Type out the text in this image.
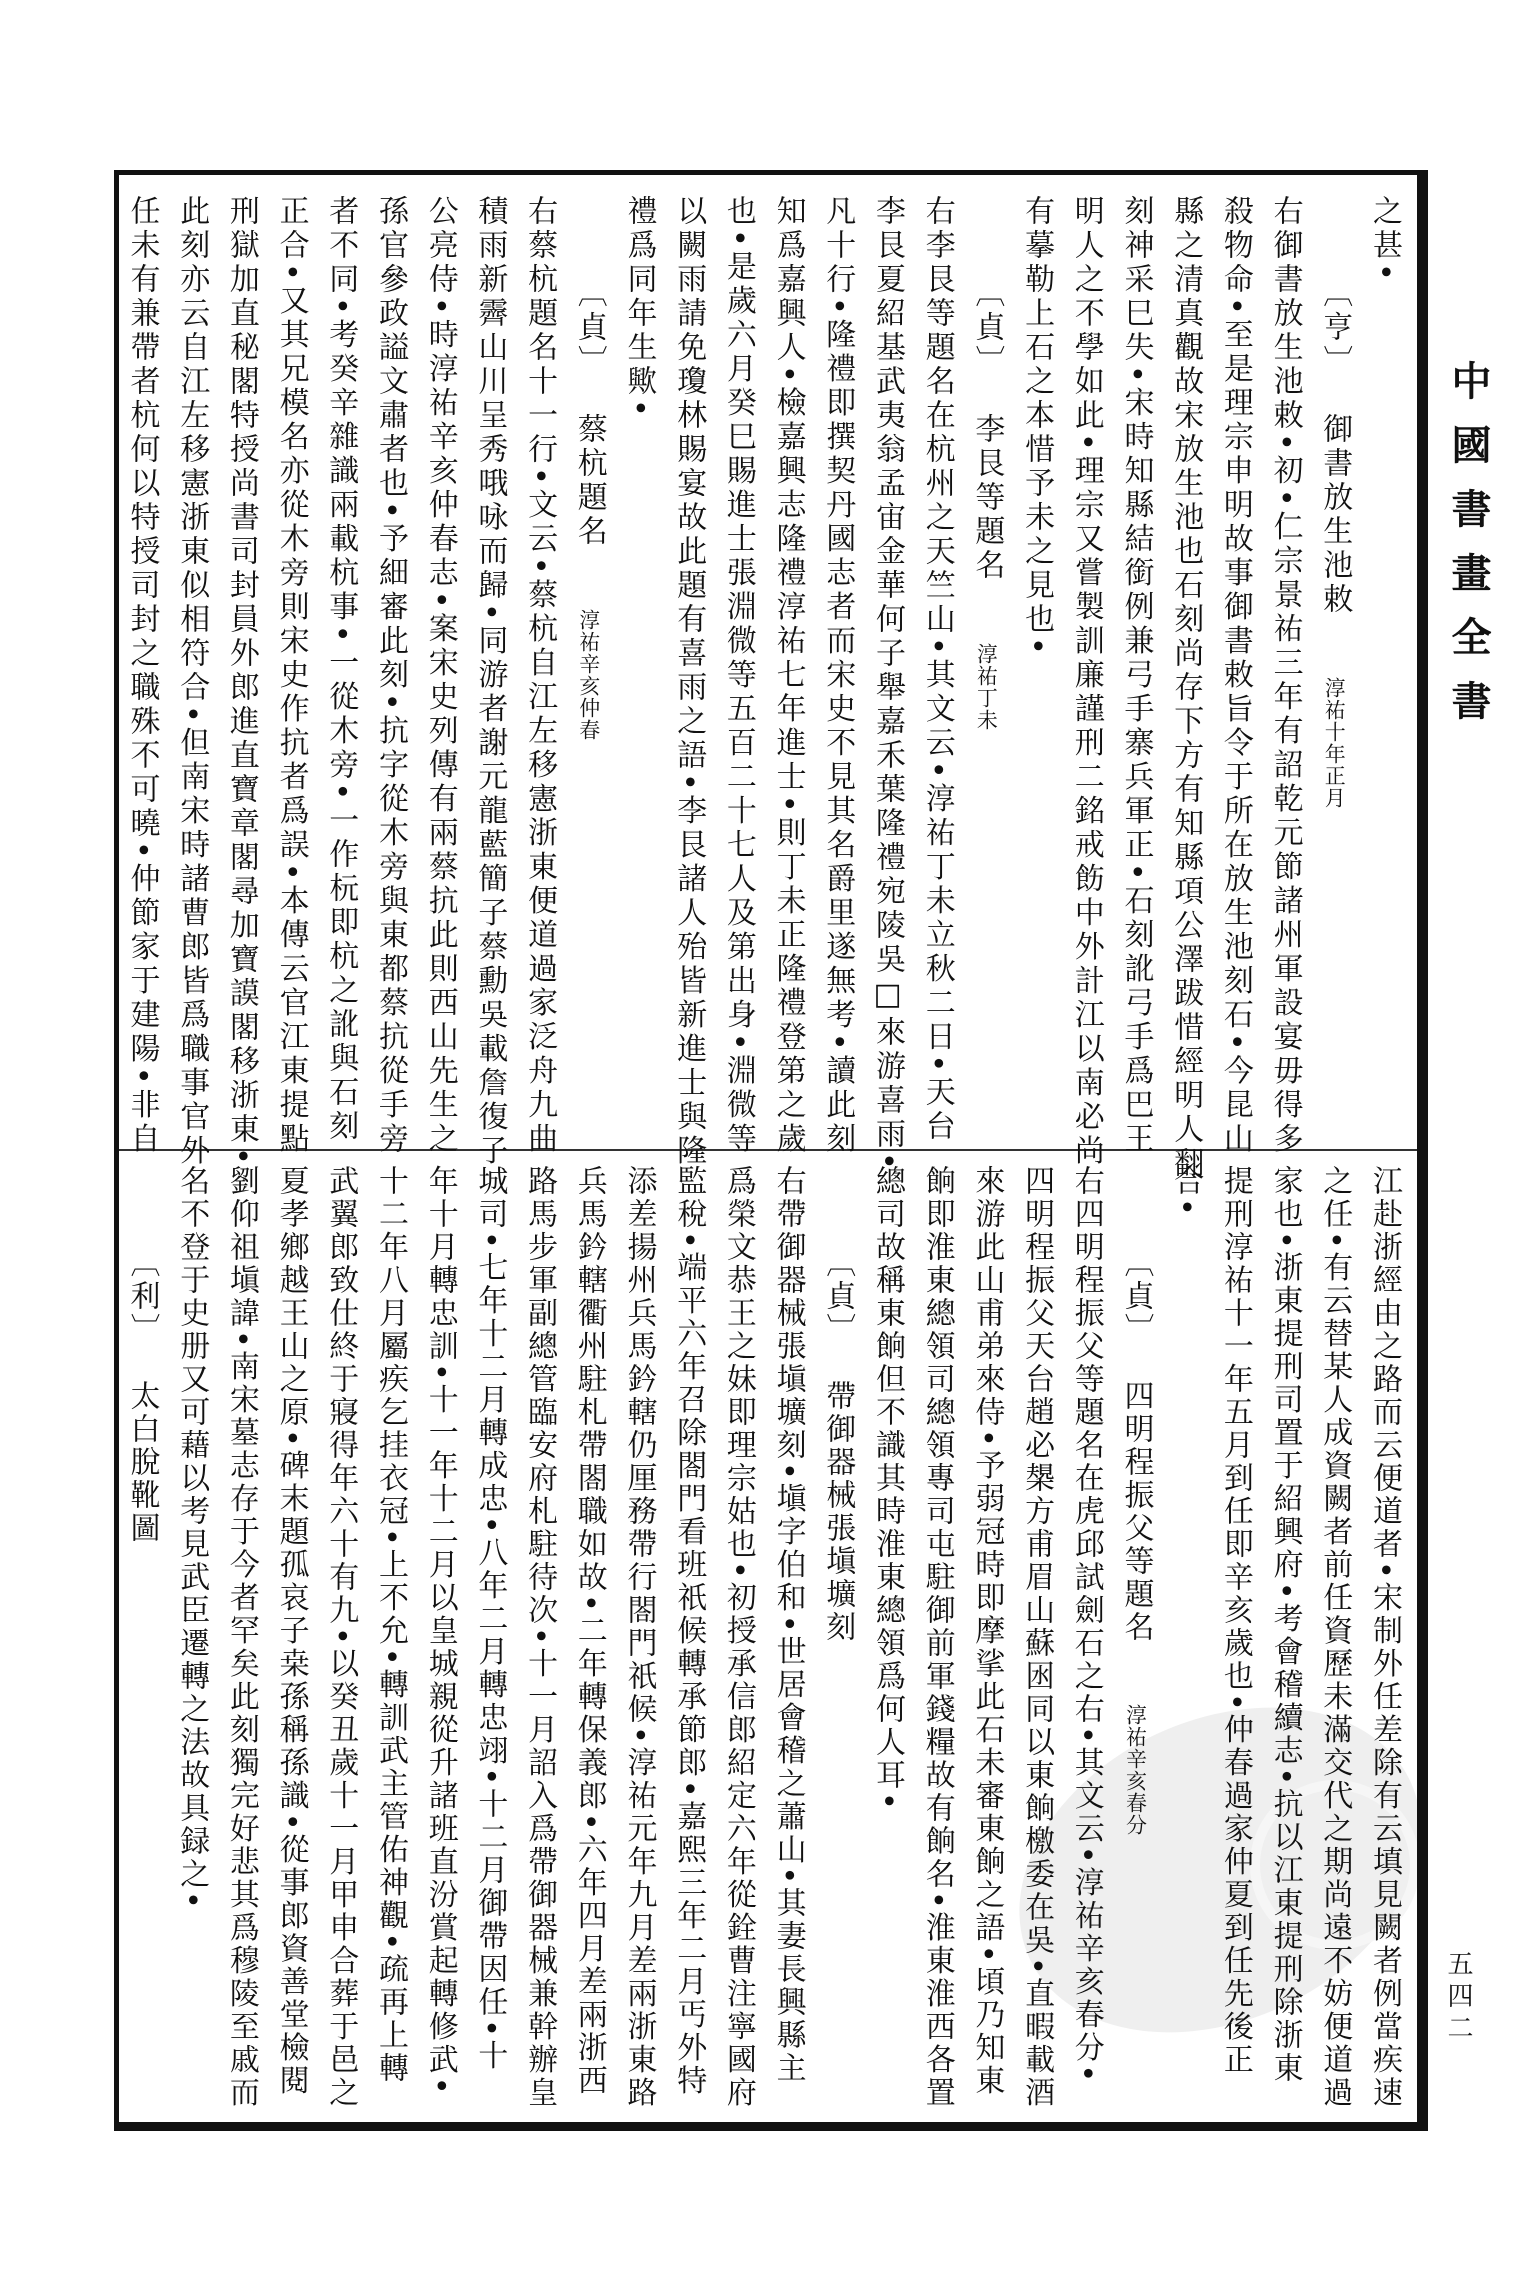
中國書畫全書
五四二
之甚•
〔亨〕御書放生池敕淳祐十年正月
右御書放生池敕•初•仁宗景祐三年有詔乾元節諸州軍設宴毋得多
殺物命•至是理宗申明故事御書敕旨令于所在放生池刻石•今昆山
縣之清真觀故宋放生池也石刻尚存下方有知縣項公澤跋惜經明人翻
刻神采巳失•宋時知縣結銜例兼弓手寨兵軍正•石刻訛弓手爲巴王
明人之不學如此•理宗又嘗製訓廉謹刑二銘戒飭中外計江以南必尚
有摹勒上石之本惜予未之見也•
〔貞〕李艮等題名淳祐丁未
右李艮等題名在杭州之天竺山•其文云•淳祐丁未立秋二日•天台
李艮夏紹基武夷翁孟宙金華何子舉嘉禾葉隆禮宛陵吳□來游喜雨•
凡十行•隆禮即撰契丹國志者而宋史不見其名爵里遂無考•讀此刻
知爲嘉興人•檢嘉興志隆禮淳祐七年進士•則丁未正隆禮登第之歲
也•是歲六月癸巳賜進士張淵微等五百二十七人及第出身•淵微等
以闕雨請免瓊林賜宴故此題有喜雨之語•李艮諸人殆皆新進士與隆
禮爲同年生歟•
〔貞〕蔡杭題名淳祐辛亥仲春
右蔡杭題名十一行•文云•蔡杭自江左移憲浙東便道過家泛舟九曲
積雨新霽山川呈秀哦咏而歸•同游者謝元龍藍簡子蔡勳吳載詹復子
公亮侍•時淳祐辛亥仲春志•案宋史列傳有兩蔡抗此則西山先生之
孫官參政謚文肅者也•予細審此刻•抗字從木旁與東都蔡抗從手旁
者不同•考癸辛雜識兩載杭事•一從木旁•一作杬即杭之訛與石刻
正合•又其兄模名亦從木旁則宋史作抗者爲誤•本傳云官江東提點
刑獄加直秘閣特授尚書司封員外郎進直寶章閣尋加寶謨閣移浙東•
此刻亦云自江左移憲浙東似相符合•但南宋時諸曹郎皆爲職事官外
任未有兼帶者杭何以特授司封之職殊不可曉•仲節家于建陽•非自
江赴浙經由之路而云便道者•宋制外任差除有云填見闕者例當疾速
之任•有云替某人成資闕者前任資歷未滿交代之期尚遠不妨便道過
家也•浙東提刑司置于紹興府•考會稽續志•抗以江東提刑除浙東
提刑淳祐十一年五月到任即辛亥歲也•仲春過家仲夏到任先後正
合•
〔貞〕四明程振父等題名淳祐辛亥春分
右四明程振父等題名在虎邱試劍石之右•其文云•淳祐辛亥春分•
四明程振父天台趙必槼方甫眉山蘇囦同以東餉檄委在吳•直暇載酒
來游此山甫弟來侍•予弱冠時即摩挲此石未審東餉之語•頃乃知東
餉即淮東總領司總領專司屯駐御前軍錢糧故有餉名•淮東淮西各置
總司故稱東餉但不識其時淮東總領爲何人耳•
〔貞〕帶御器械張塡壙刻
右帶御器械張塡壙刻•塡字伯和•世居會稽之蕭山•其妻長興縣主
爲榮文恭王之妹即理宗姑也•初授承信郎紹定六年從銓曹注寧國府
監稅•端平六年召除閤門看班祇候轉承節郎•嘉熙三年二月丐外特
添差揚州兵馬鈐轄仍厘務帶行閤門祇候•淳祐元年九月差兩浙東路
兵馬鈐轄衢州駐札帶閤職如故•二年轉保義郎•六年四月差兩浙西
路馬步軍副總管臨安府札駐待次•十一月詔入爲帶御器械兼幹辦皇
城司•七年十二月轉成忠•八年二月轉忠翊•十二月御帶因任•十
年十月轉忠訓•十一年十二月以皇城親從升諸班直汾賞起轉修武•
十二年八月屬疾乞挂衣冠•上不允•轉訓武主管佑神觀•疏再上轉
武翼郎致仕終于寢得年六十有九•以癸丑歲十一月甲申合葬于邑之
夏孝鄉越王山之原•碑末題孤哀子桒孫稱孫識•從事郎資善堂檢閱
劉仰祖塡諱•南宋墓志存于今者罕矣此刻獨完好悲其爲穆陵至戚而
名不登于史册又可藉以考見武臣遷轉之法故具録之•
〔利〕太白脫靴圖
